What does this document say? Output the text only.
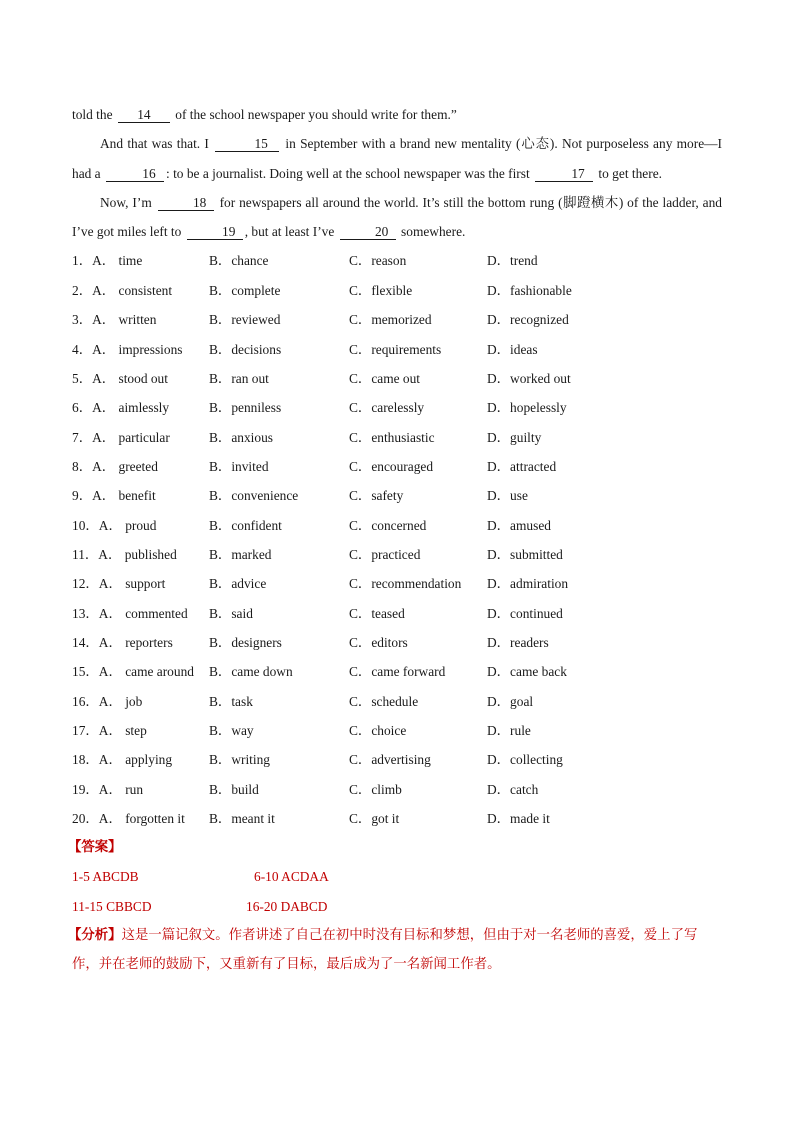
told the 14 of the school newspaper you should write for them.”

And that was that. I	15 in September with a brand new mentality (心态). Not purposeless any more—I had a	16 : to be a journalist. Doing well at the school newspaper was the first	17 to get there.

Now, I’m	18 for newspapers all around the world. It’s still the bottom rung (脚蹬横木) of the ladder, and I’ve got miles left to	19 , but at least I’ve	20 somewhere.

1．A． time	B．chance	C．reason	D．trend
2．A． consistent	B．complete	C．flexible	D．fashionable
3．A． written	B．reviewed	C．memorized	D．recognized
4．A． impressions B．decisions	C．requirements	D．ideas
5．A． stood out	B．ran out	C．came out	D．worked out
6．A． aimlessly	B．penniless	C．carelessly	D．hopelessly
7．A． particular	B．anxious	C．enthusiastic	D．guilty
8．A． greeted	B．invited	C．encouraged	D．attracted
9．A． benefit	B．convenience	C．safety	D．use
10．A． proud	B．confident	C．concerned	D．amused
11．A． published B．marked	C．practiced	D．submitted
12．A． support	B．advice	C．recommendation D．admiration
13．A． commented B．said	C．teased	D．continued
14．A． reporters	B．designers	C．editors	D．readers
15．A． came around B．came down	C．came forward	D．came back
16．A． job	B．task	C．schedule	D．goal
17．A． step	B．way	C．choice	D．rule
18．A． applying	B．writing	C．advertising	D．collecting
19．A． run	B．build	C．climb	D．catch
20．A． forgotten it B．meant it	C．got it	D．made it
【答案】
1-5 ABCDB	6-10 ACDAA
11-15 CBBCD	16-20 DABCD

【分析】这是一篇记叙文。作者讲述了自己在初中时没有目标和梦想，但由于对一名老师的喜爱，爱上了写作，并在老师的鼓励下，又重新有了目标，最后成为了一名新闻工作者。
